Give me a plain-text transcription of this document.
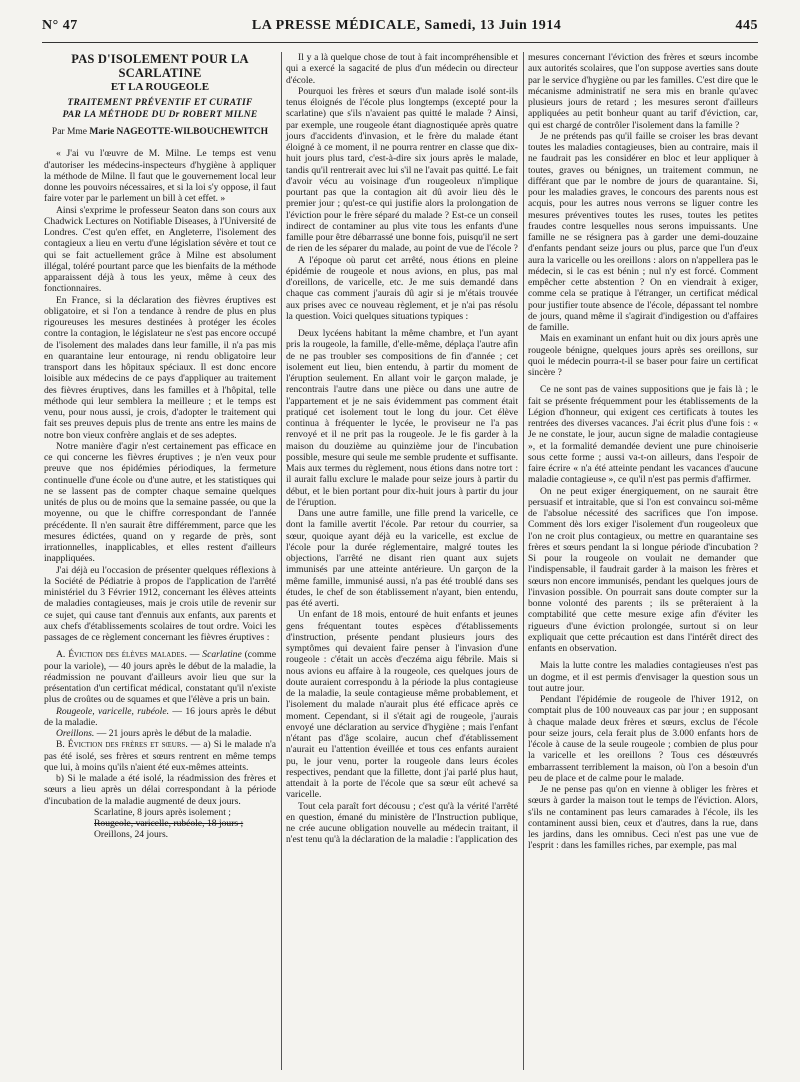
N° 47	LA PRESSE MÉDICALE, Samedi, 13 Juin 1914	445
PAS D'ISOLEMENT POUR LA SCARLATINE
ET LA ROUGEOLE
TRAITEMENT PRÉVENTIF ET CURATIF
PAR LA MÉTHODE DU Dr ROBERT MILNE
Par Mme Marie NAGEOTTE-WILBOUCHEWITCH

« J'ai vu l'œuvre de M. Milne. Le temps est venu d'autoriser les médecins-inspecteurs d'hygiène à appliquer la méthode de Milne. Il faut que le gouvernement local leur donne les pouvoirs nécessaires, et si la loi s'y oppose, il faut faire voter par le parlement un bill à cet effet. »

Ainsi s'exprime le professeur Seaton dans son cours aux Chadwick Lectures on Notifiable Diseases, à l'Université de Londres. C'est qu'en effet, en Angleterre, l'isolement des contagieux a lieu en vertu d'une législation sévère et tout ce qui se fait actuellement grâce à Milne est absolument illégal, toléré pourtant parce que les bienfaits de la méthode apparaissent déjà à tous les yeux, même à ceux des fonctionnaires.

En France, si la déclaration des fièvres éruptives est obligatoire, et si l'on a tendance à rendre de plus en plus rigoureuses les mesures destinées à protéger les écoles contre la contagion, le législateur ne s'est pas encore occupé de l'isolement des malades dans leur famille, il n'a pas mis en quarantaine leur entourage, ni rendu obligatoire leur transport dans les hôpitaux spéciaux. Il est donc encore loisible aux médecins de ce pays d'appliquer au traitement des fièvres éruptives, dans les familles et à l'hôpital, telle méthode qui leur semblera la meilleure ; et le temps est venu, pour nous aussi, je crois, d'adopter le traitement qui fait ses preuves depuis plus de trente ans entre les mains de notre bon vieux confrère anglais et de ses adeptes.

Notre manière d'agir n'est certainement pas efficace en ce qui concerne les fièvres éruptives ; je n'en veux pour preuve que nos épidémies périodiques, la fermeture continuelle d'une école ou d'une autre, et les statistiques qui ne se lassent pas de compter chaque semaine quelques unités de plus ou de moins que la semaine passée, ou que la moyenne, ou que le chiffre correspondant de l'année précédente. Il n'en saurait être différemment, parce que les mesures édictées, quand on y regarde de près, sont irrationnelles, inapplicables, et elles restent d'ailleurs inappliquées.

J'ai déjà eu l'occasion de présenter quelques réflexions à la Société de Pédiatrie à propos de l'application de l'arrêté ministériel du 3 Février 1912, concernant les élèves atteints de maladies contagieuses, mais je crois utile de revenir sur ce sujet, qui cause tant d'ennuis aux enfants, aux parents et aux chefs d'établissements scolaires de tout ordre. Voici les passages de ce règlement concernant les fièvres éruptives :

A. Éviction des élèves malades. — Scarlatine (comme pour la variole), — 40 jours après le début de la maladie, la réadmission ne pouvant d'ailleurs avoir lieu que sur la présentation d'un certificat médical, constatant qu'il n'existe plus de croûtes ou de squames et que l'élève a pris un bain.

Rougeole, varicelle, rubéole. — 16 jours après le début de la maladie.

Oreillons. — 21 jours après le début de la maladie.

B. Éviction des frères et sœurs. — a) Si le malade n'a pas été isolé, ses frères et sœurs rentrent en même temps que lui, à moins qu'ils n'aient été eux-mêmes atteints.

b) Si le malade a été isolé, la réadmission des frères et sœurs a lieu après un délai correspondant à la période d'incubation de la maladie augmenté de deux jours.

Scarlatine, 8 jours après isolement ;

Rougeole, varicelle, rubéole, 18 jours ;

Oreillons, 24 jours.

Il y a là quelque chose de tout à fait incompréhensible et qui a exercé la sagacité de plus d'un médecin ou directeur d'école.

Pourquoi les frères et sœurs d'un malade isolé sont-ils tenus éloignés de l'école plus longtemps (excepté pour la scarlatine) que s'ils n'avaient pas quitté le malade ? Ainsi, par exemple, une rougeole étant diagnostiquée après quatre jours d'accidents d'invasion, et le frère du malade étant éloigné à ce moment, il ne pourra rentrer en classe que dix-huit jours plus tard, c'est-à-dire six jours après le malade, tandis qu'il rentrerait avec lui s'il ne l'avait pas quitté. Le fait d'avoir vécu au voisinage d'un rougeoleux n'implique pourtant pas que la contagion ait dû avoir lieu dès le premier jour ; qu'est-ce qui justifie alors la prolongation de l'éviction pour le frère séparé du malade ? Est-ce un conseil indirect de contaminer au plus vite tous les enfants d'une famille pour être débarrassé une bonne fois, puisqu'il ne sert de rien de les séparer du malade, au point de vue de l'école ?

A l'époque où parut cet arrêté, nous étions en pleine épidémie de rougeole et nous avions, en plus, pas mal d'oreillons, de varicelle, etc. Je me suis demandé dans chaque cas comment j'aurais dû agir si je m'étais trouvée aux prises avec ce nouveau règlement, et je n'ai pas résolu la question. Voici quelques situations typiques :

Deux lycéens habitant la même chambre, et l'un ayant pris la rougeole, la famille, d'elle-même, déplaça l'autre afin de ne pas troubler ses compositions de fin d'année ; cet isolement eut lieu, bien entendu, à partir du moment de l'éruption seulement. En allant voir le garçon malade, je rencontrais l'autre dans une pièce ou dans une autre de l'appartement et je ne sais évidemment pas comment était pratiqué cet isolement tout le long du jour. Cet élève continua à fréquenter le lycée, le proviseur ne l'a pas renvoyé et il ne prit pas la rougeole. Je le fis garder à la maison du douzième au quinzième jour de l'incubation possible, mesure qui seule me semble prudente et suffisante. Mais aux termes du règlement, nous étions dans notre tort : il aurait fallu exclure le malade pour seize jours à partir du début, et le bien portant pour dix-huit jours à partir du jour de l'éruption.

Dans une autre famille, une fille prend la varicelle, ce dont la famille avertit l'école. Par retour du courrier, sa sœur, quoique ayant déjà eu la varicelle, est exclue de l'école pour la durée réglementaire, malgré toutes les objections, l'arrêté ne disant rien quant aux sujets immunisés par une atteinte antérieure. Un garçon de la même famille, immunisé aussi, n'a pas été troublé dans ses études, le chef de son établissement n'ayant, bien entendu, pas été averti.

Un enfant de 18 mois, entouré de huit enfants et jeunes gens fréquentant toutes espèces d'établissements d'instruction, présente pendant plusieurs jours des symptômes qui devaient faire penser à l'invasion d'une rougeole : c'était un accès d'eczéma aigu fébrile. Mais si nous avions eu affaire à la rougeole, ces quelques jours de doute auraient correspondu à la période la plus contagieuse de la maladie, la seule contagieuse même probablement, et l'isolement du malade n'aurait plus été efficace après ce moment. Cependant, si il s'était agi de rougeole, j'aurais envoyé une déclaration au service d'hygiène ; mais l'enfant n'étant pas d'âge scolaire, aucun chef d'établissement n'aurait eu l'attention éveillée et tous ces enfants auraient pu, le jour venu, porter la rougeole dans leurs écoles respectives, pendant que la fillette, dont j'ai parlé plus haut, attendait à la porte de l'école que sa sœur eût achevé sa varicelle.

Tout cela paraît fort décousu ; c'est qu'à la vérité l'arrêté en question, émané du ministère de l'Instruction publique, ne crée aucune obligation nouvelle au médecin traitant, il n'est tenu qu'à la déclaration de la maladie : l'application des

mesures concernant l'éviction des frères et sœurs incombe aux autorités scolaires, que l'on suppose averties sans doute par le service d'hygiène ou par les familles. C'est dire que le mécanisme administratif ne sera mis en branle qu'avec plusieurs jours de retard ; les mesures seront d'ailleurs appliquées au petit bonheur quant au tarif d'éviction, car, qui est chargé de contrôler l'isolement dans la famille ?

Je ne prétends pas qu'il faille se croiser les bras devant toutes les maladies contagieuses, bien au contraire, mais il ne faudrait pas les considérer en bloc et leur appliquer à toutes, graves ou bénignes, un traitement commun, ne différant que par le nombre de jours de quarantaine. Si, pour les maladies graves, le concours des parents nous est acquis, pour les autres nous verrons se liguer contre les mesures préventives toutes les ruses, toutes les petites fraudes contre lesquelles nous serons impuissants. Une famille ne se résignera pas à garder une demi-douzaine d'enfants pendant seize jours ou plus, parce que l'un d'eux aura la varicelle ou les oreillons : alors on n'appellera pas le médecin, si le cas est bénin ; nul n'y est forcé. Comment empêcher cette abstention ? On en viendrait à exiger, comme cela se pratique à l'étranger, un certificat médical pour justifier toute absence de l'école, dépassant tel nombre de jours, quand même il s'agirait d'indigestion ou d'affaires de famille.

Mais en examinant un enfant huit ou dix jours après une rougeole bénigne, quelques jours après ses oreillons, sur quoi le médecin pourra-t-il se baser pour faire un certificat sincère ?

Ce ne sont pas de vaines suppositions que je fais là ; le fait se présente fréquemment pour les établissements de la Légion d'honneur, qui exigent ces certificats à toutes les rentrées des diverses vacances. J'ai écrit plus d'une fois : « Je ne constate, le jour, aucun signe de maladie contagieuse », et la formalité demandée devient une pure chinoiserie sous cette forme ; aussi va-t-on ailleurs, dans l'espoir de faire écrire « n'a été atteinte pendant les vacances d'aucune maladie contagieuse », ce qu'il n'est pas permis d'affirmer.

On ne peut exiger énergiquement, on ne saurait être persuasif et intraitable, que si l'on est convaincu soi-même de l'absolue nécessité des sacrifices que l'on impose. Comment dès lors exiger l'isolement d'un rougeoleux que l'on ne croit plus contagieux, ou mettre en quarantaine ses frères et sœurs pendant la si longue période d'incubation ? Si pour la rougeole on voulait ne demander que l'indispensable, il faudrait garder à la maison les frères et sœurs non encore immunisés, pendant les quelques jours de l'invasion possible. On pourrait sans doute compter sur la bonne volonté des parents ; ils se prêteraient à la comptabilité que cette mesure exige afin d'éviter les rigueurs d'une éviction prolongée, surtout si on leur expliquait que cette précaution est dans l'intérêt direct des enfants en observation.

Mais la lutte contre les maladies contagieuses n'est pas un dogme, et il est permis d'envisager la question sous un tout autre jour.

Pendant l'épidémie de rougeole de l'hiver 1912, on comptait plus de 100 nouveaux cas par jour ; en supposant à chaque malade deux frères et sœurs, exclus de l'école pour seize jours, cela ferait plus de 3.000 enfants hors de l'école à cause de la seule rougeole ; combien de plus pour la varicelle et les oreillons ? Tous ces désœuvrés embarrassent terriblement la maison, où l'on a besoin d'un peu de place et de calme pour le malade.

Je ne pense pas qu'on en vienne à obliger les frères et sœurs à garder la maison tout le temps de l'éviction. Alors, s'ils ne contaminent pas leurs camarades à l'école, ils les contaminent aussi bien, ceux et d'autres, dans la rue, dans les jardins, dans les omnibus. Ceci n'est pas une vue de l'esprit : dans les familles riches, par exemple, pas mal
